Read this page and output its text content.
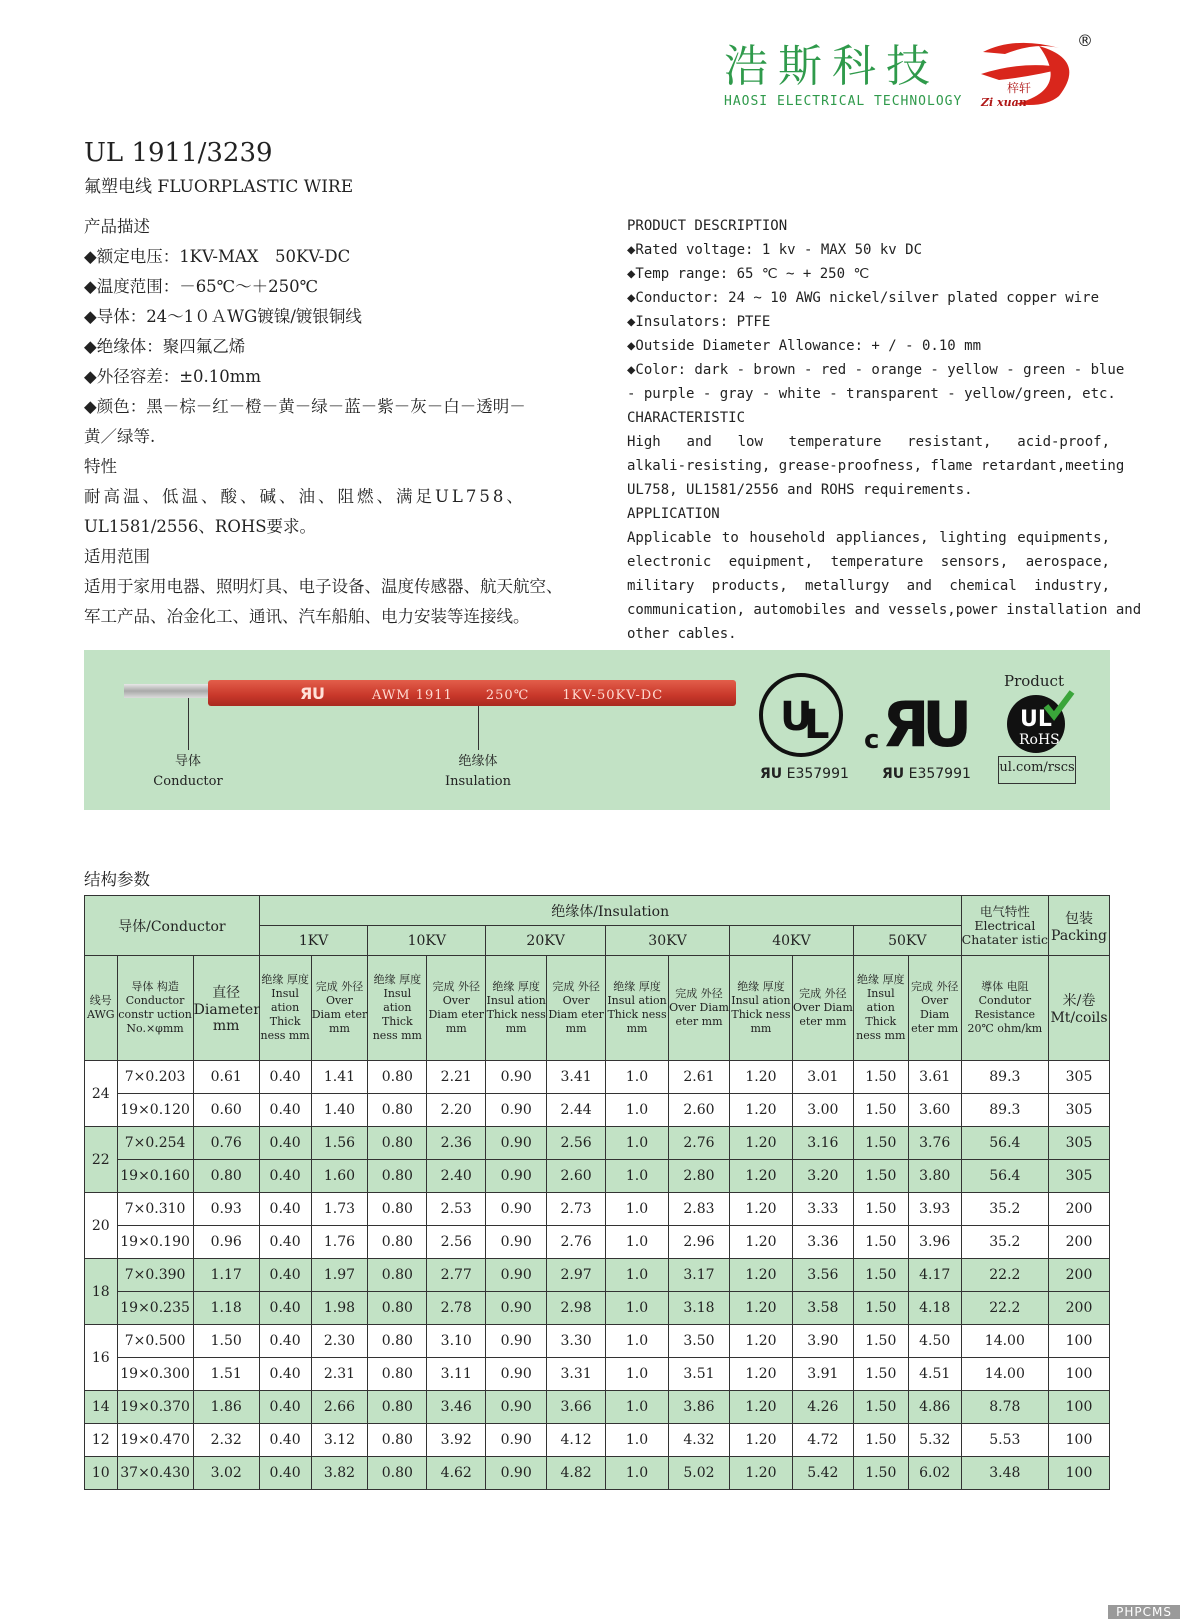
浩斯科技
HAOSI ELECTRICAL TECHNOLOGY
梓轩
Zi xuan
®
UL 1911/3239
氟塑电线 FLUORPLASTIC WIRE
产品描述
◆额定电压：1KV-MAX　50KV-DC
◆温度范围：－65℃～＋250℃
◆导体：24～1０ＡWG镀镍/镀银铜线
◆绝缘体：聚四氟乙烯
◆外径容差：±0.10mm
◆颜色：黑－棕－红－橙－黄－绿－蓝－紫－灰－白－透明－
黄／绿等.
特性
耐高温、低温、酸、碱、油、阻燃、满足UL758、
UL1581/2556、ROHS要求。
适用范围
适用于家用电器、照明灯具、电子设备、温度传感器、航天航空、
军工产品、冶金化工、通讯、汽车船舶、电力安装等连接线。
PRODUCT DESCRIPTION
◆Rated voltage: 1 kv - MAX 50 kv DC
◆Temp range: 65 ℃ ~ + 250 ℃
◆Conductor: 24 ~ 10 AWG nickel/silver plated copper wire
◆Insulators: PTFE
◆Outside Diameter Allowance: + / - 0.10 mm
◆Color: dark - brown - red - orange - yellow - green - blue
- purple - gray - white - transparent - yellow/green, etc.
CHARACTERISTIC
High and low temperature resistant, acid-proof,
alkali-resisting, grease-proofness, flame retardant,meeting
UL758, UL1581/2556 and ROHS requirements.
APPLICATION
Applicable to household appliances, lighting equipments,
electronic equipment, temperature sensors, aerospace,
military products, metallurgy and chemical industry,
communication, automobiles and vessels,power installation and
other cables.
Я U	AWM 1911　　 250℃　　 1KV-50KV-DC
导体
Conductor
绝缘体
Insulation
U
L
ЯU E357991
c Я
U
ЯU E357991
Product
UL
RoHS
ul.com/rscs
结构参数
导体/Conductor			绝缘体/Insulation												电气特性 Electrical Chatater istic	包装 Packing
			1KV		10KV		20KV		30KV		40KV		50KV			
线号 AWG	导体 构造 Conductor constr uction No.×φmm	直径 Diameter mm	绝缘 厚度 Insul ation Thick ness mm	完成 外径 Over Diam eter mm	绝缘 厚度 Insul ation Thick ness mm	完成 外径 Over Diam eter mm	绝缘 厚度 Insul ation Thick ness mm	完成 外径 Over Diam eter mm	绝缘 厚度 Insul ation Thick ness mm	完成 外径 Over Diam eter mm	绝缘 厚度 Insul ation Thick ness mm	完成 外径 Over Diam eter mm	绝缘 厚度 Insul ation Thick ness mm	完成 外径 Over Diam eter mm	導体 电阻 Condutor Resistance 20℃ ohm/km	米/卷 Mt/coils
24	7×0.203	0.61	0.40	1.41	0.80	2.21	0.90	3.41	1.0	2.61	1.20	3.01	1.50	3.61	89.3	305
	19×0.120	0.60	0.40	1.40	0.80	2.20	0.90	2.44	1.0	2.60	1.20	3.00	1.50	3.60	89.3	305
22	7×0.254	0.76	0.40	1.56	0.80	2.36	0.90	2.56	1.0	2.76	1.20	3.16	1.50	3.76	56.4	305
	19×0.160	0.80	0.40	1.60	0.80	2.40	0.90	2.60	1.0	2.80	1.20	3.20	1.50	3.80	56.4	305
20	7×0.310	0.93	0.40	1.73	0.80	2.53	0.90	2.73	1.0	2.83	1.20	3.33	1.50	3.93	35.2	200
	19×0.190	0.96	0.40	1.76	0.80	2.56	0.90	2.76	1.0	2.96	1.20	3.36	1.50	3.96	35.2	200
18	7×0.390	1.17	0.40	1.97	0.80	2.77	0.90	2.97	1.0	3.17	1.20	3.56	1.50	4.17	22.2	200
	19×0.235	1.18	0.40	1.98	0.80	2.78	0.90	2.98	1.0	3.18	1.20	3.58	1.50	4.18	22.2	200
16	7×0.500	1.50	0.40	2.30	0.80	3.10	0.90	3.30	1.0	3.50	1.20	3.90	1.50	4.50	14.00	100
	19×0.300	1.51	0.40	2.31	0.80	3.11	0.90	3.31	1.0	3.51	1.20	3.91	1.50	4.51	14.00	100
14	19×0.370	1.86	0.40	2.66	0.80	3.46	0.90	3.66	1.0	3.86	1.20	4.26	1.50	4.86	8.78	100
12	19×0.470	2.32	0.40	3.12	0.80	3.92	0.90	4.12	1.0	4.32	1.20	4.72	1.50	5.32	5.53	100
10	37×0.430	3.02	0.40	3.82	0.80	4.62	0.90	4.82	1.0	5.02	1.20	5.42	1.50	6.02	3.48	100
PHPCMS
